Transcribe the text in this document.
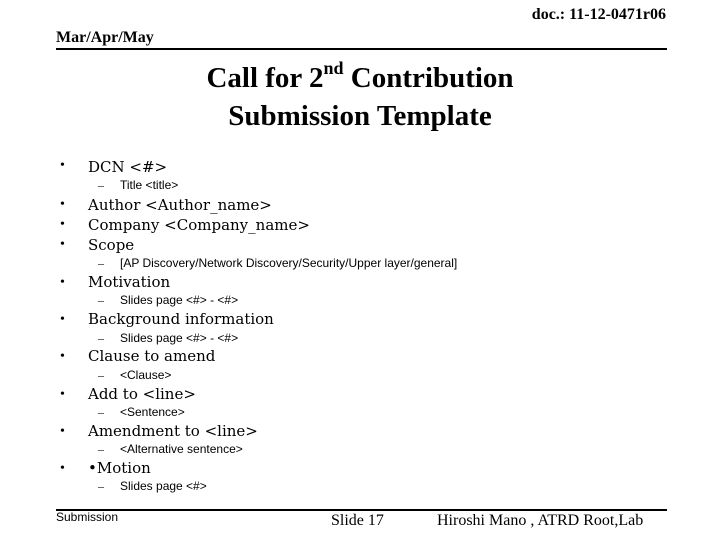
doc.: 11-12-0471r06
Mar/Apr/May
Call for 2nd Contribution
Submission Template
• DCN <#>
– Title <title>
• Author <Author_name>
• Company <Company_name>
• Scope
– [AP Discovery/Network Discovery/Security/Upper layer/general]
• Motivation
– Slides page <#> - <#>
• Background information
– Slides page <#> - <#>
• Clause to amend
– <Clause>
• Add to <line>
– <Sentence>
• Amendment to <line>
– <Alternative sentence>
• •Motion
– Slides page <#>
Submission	Slide 17	Hiroshi Mano , ATRD Root,Lab
